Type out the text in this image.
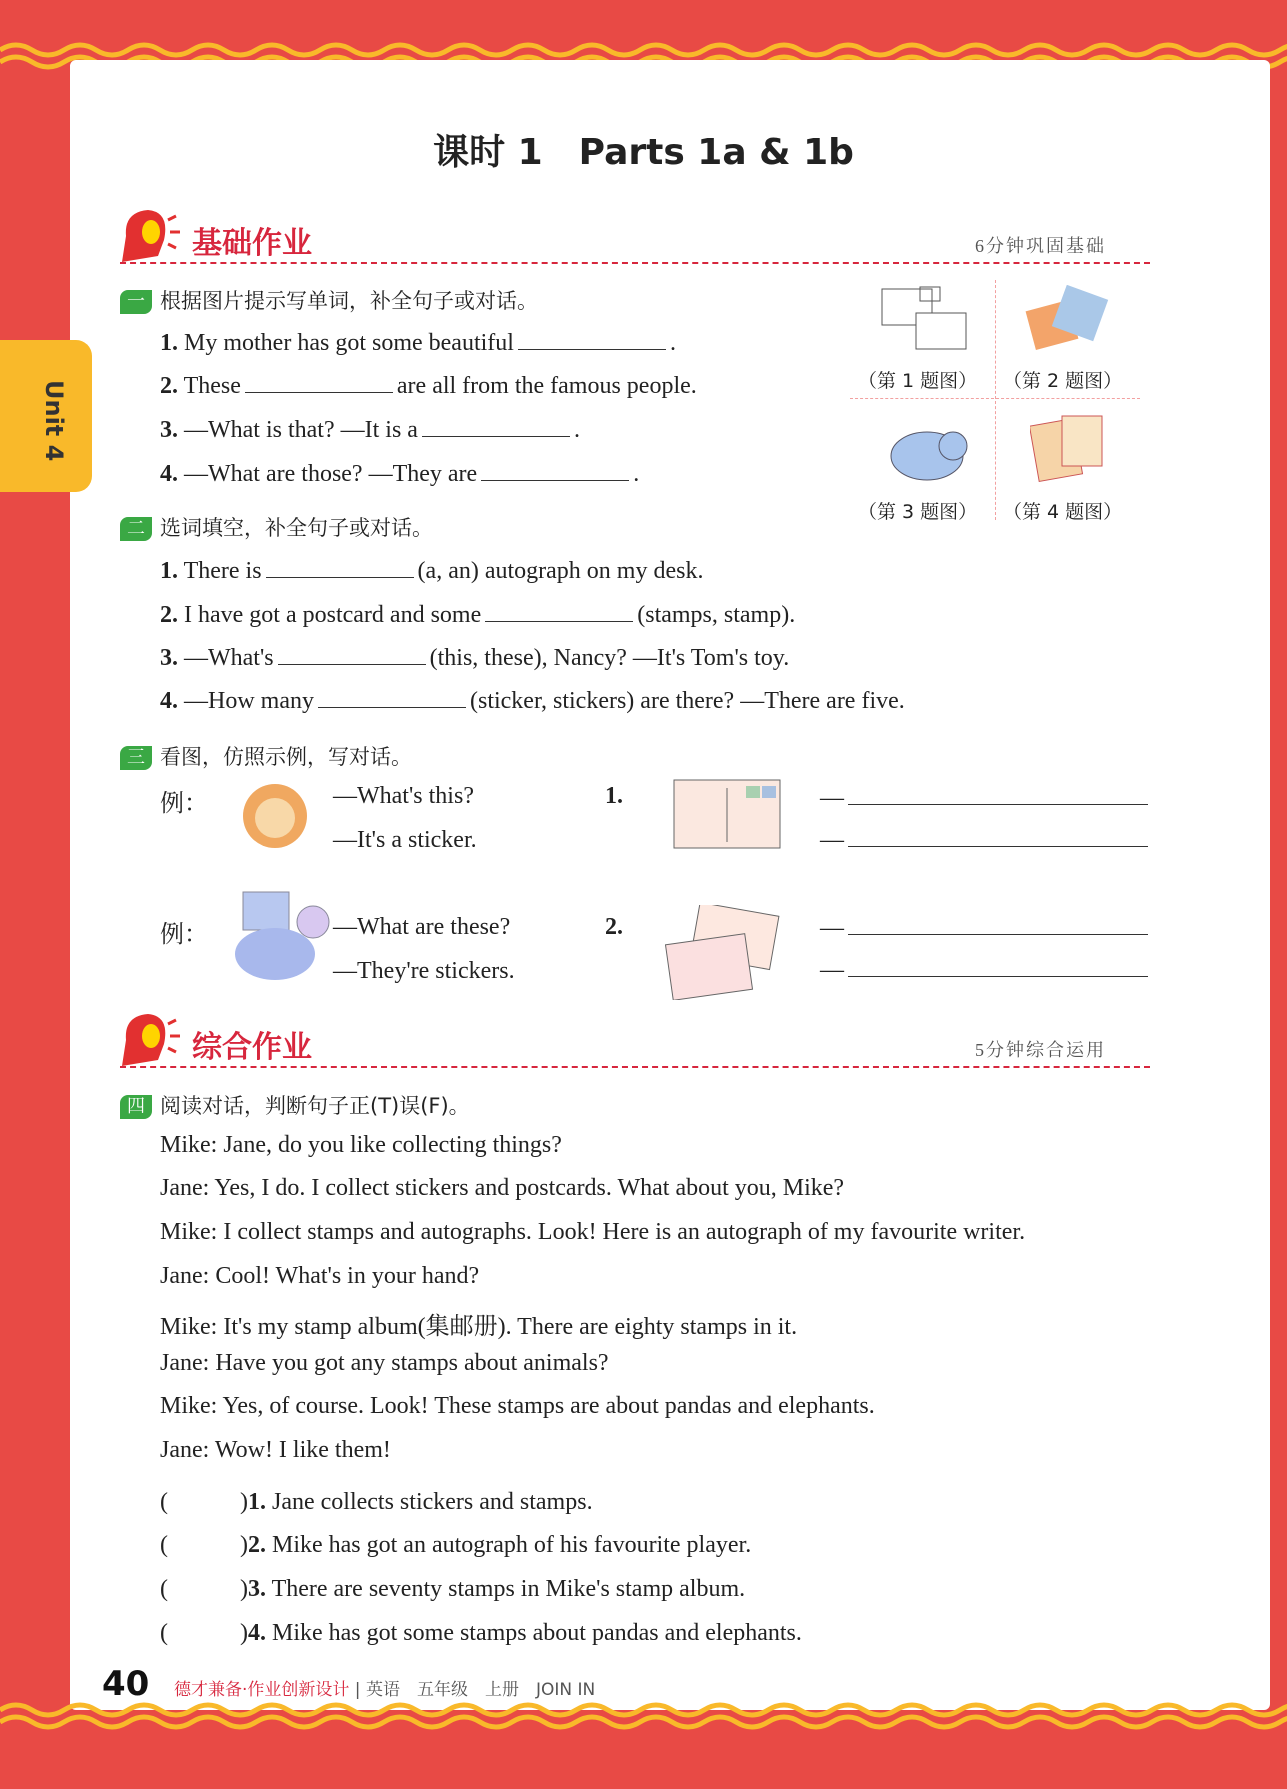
Unit 4
课时 1　Parts 1a & 1b
基础作业	6分钟巩固基础
一 根据图片提示写单词，补全句子或对话。
1. My mother has got some beautiful	.
2. These	are all from the famous people.
3. —What is that? —It is a	.
4. —What are those? —They are	.
（第 1 题图） （第 2 题图）
（第 3 题图） （第 4 题图）
二 选词填空，补全句子或对话。
1. There is	(a, an) autograph on my desk.
2. I have got a postcard and some	(stamps, stamp).
3. —What's	(this, these), Nancy? —It's Tom's toy.
4. —How many	(sticker, stickers) are there? —There are five.
三 看图，仿照示例，写对话。
例：	—What's this?
—It's a sticker.
例：	—What are these?
—They're stickers.
1.	—
—
2.	—
—
综合作业	5分钟综合运用
四 阅读对话，判断句子正(T)误(F)。
Mike: Jane, do you like collecting things?
Jane: Yes, I do. I collect stickers and postcards. What about you, Mike?
Mike: I collect stamps and autographs. Look! Here is an autograph of my favourite writer.
Jane: Cool! What's in your hand?
Mike: It's my stamp album(集邮册). There are eighty stamps in it.
Jane: Have you got any stamps about animals?
Mike: Yes, of course. Look! These stamps are about pandas and elephants.
Jane: Wow! I like them!
(　　　)1. Jane collects stickers and stamps.
(　　　)2. Mike has got an autograph of his favourite player.
(　　　)3. There are seventy stamps in Mike's stamp album.
(　　　)4. Mike has got some stamps about pandas and elephants.
40 德才兼备·作业创新设计 | 英语　五年级　上册　JOIN IN
